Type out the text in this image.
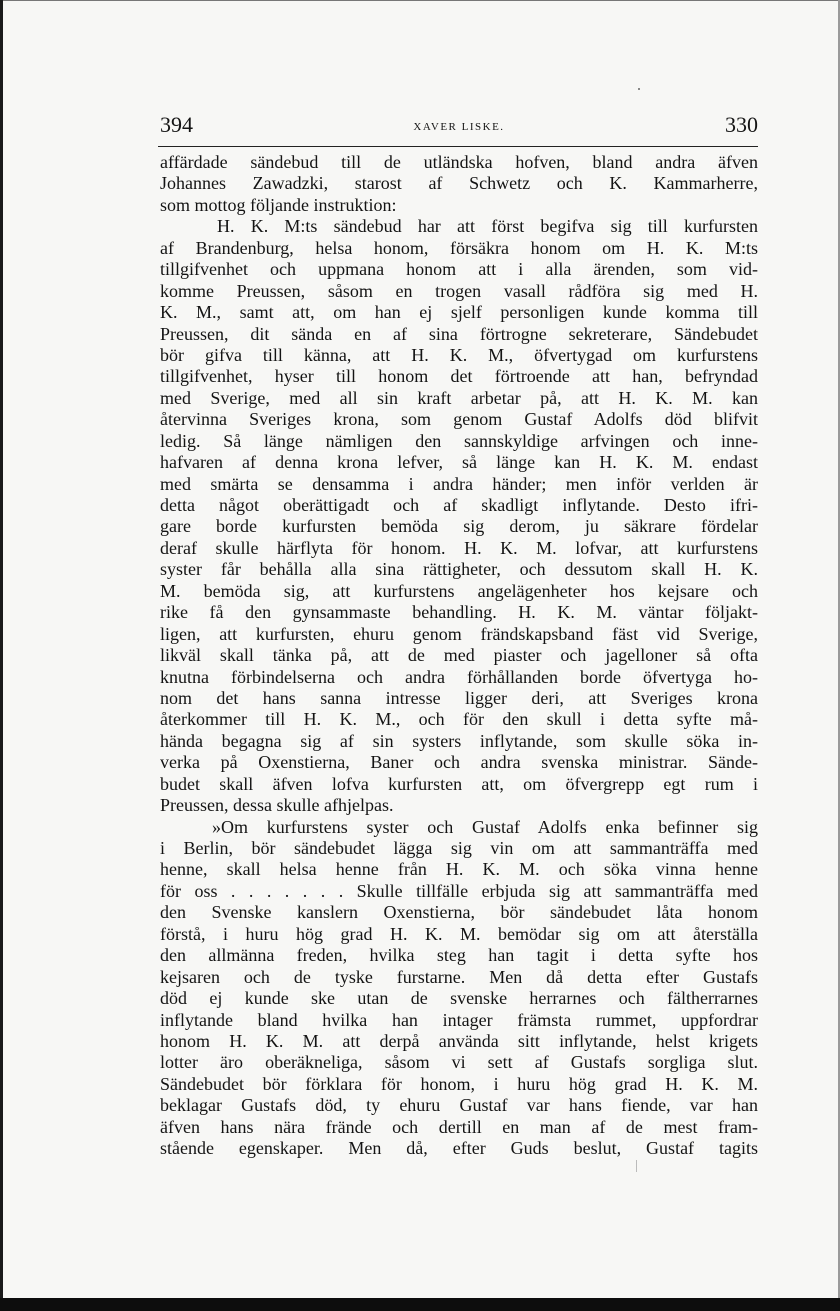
394	XAVER LISKE.	330
affärdade sändebud till de utländska hofven, bland andra äfven
Johannes Zawadzki, starost af Schwetz och K. Kammarherre,
som mottog följande instruktion:
H. K. M:ts sändebud har att först begifva sig till kurfursten
af Brandenburg, helsa honom, försäkra honom om H. K. M:ts
tillgifvenhet och uppmana honom att i alla ärenden, som vid-
komme Preussen, såsom en trogen vasall rådföra sig med H.
K. M., samt att, om han ej sjelf personligen kunde komma till
Preussen, dit sända en af sina förtrogne sekreterare, Sändebudet
bör gifva till känna, att H. K. M., öfvertygad om kurfurstens
tillgifvenhet, hyser till honom det förtroende att han, befryndad
med Sverige, med all sin kraft arbetar på, att H. K. M. kan
återvinna Sveriges krona, som genom Gustaf Adolfs död blifvit
ledig. Så länge nämligen den sannskyldige arfvingen och inne-
hafvaren af denna krona lefver, så länge kan H. K. M. endast
med smärta se densamma i andra händer; men inför verlden är
detta något oberättigadt och af skadligt inflytande. Desto ifri-
gare borde kurfursten bemöda sig derom, ju säkrare fördelar
deraf skulle härflyta för honom. H. K. M. lofvar, att kurfurstens
syster får behålla alla sina rättigheter, och dessutom skall H. K.
M. bemöda sig, att kurfurstens angelägenheter hos kejsare och
rike få den gynsammaste behandling. H. K. M. väntar följakt-
ligen, att kurfursten, ehuru genom frändskapsband fäst vid Sverige,
likväl skall tänka på, att de med piaster och jagelloner så ofta
knutna förbindelserna och andra förhållanden borde öfvertyga ho-
nom det hans sanna intresse ligger deri, att Sveriges krona
återkommer till H. K. M., och för den skull i detta syfte må-
hända begagna sig af sin systers inflytande, som skulle söka in-
verka på Oxenstierna, Baner och andra svenska ministrar. Sände-
budet skall äfven lofva kurfursten att, om öfvergrepp egt rum i
Preussen, dessa skulle afhjelpas.
»Om kurfurstens syster och Gustaf Adolfs enka befinner sig
i Berlin, bör sändebudet lägga sig vin om att sammanträffa med
henne, skall helsa henne från H. K. M. och söka vinna henne
för oss . . . . . . . Skulle tillfälle erbjuda sig att sammanträffa med
den Svenske kanslern Oxenstierna, bör sändebudet låta honom
förstå, i huru hög grad H. K. M. bemödar sig om att återställa
den allmänna freden, hvilka steg han tagit i detta syfte hos
kejsaren och de tyske furstarne. Men då detta efter Gustafs
död ej kunde ske utan de svenske herrarnes och fältherrarnes
inflytande bland hvilka han intager främsta rummet, uppfordrar
honom H. K. M. att derpå använda sitt inflytande, helst krigets
lotter äro oberäkneliga, såsom vi sett af Gustafs sorgliga slut.
Sändebudet bör förklara för honom, i huru hög grad H. K. M.
beklagar Gustafs död, ty ehuru Gustaf var hans fiende, var han
äfven hans nära frände och dertill en man af de mest fram-
stående egenskaper. Men då, efter Guds beslut, Gustaf tagits
